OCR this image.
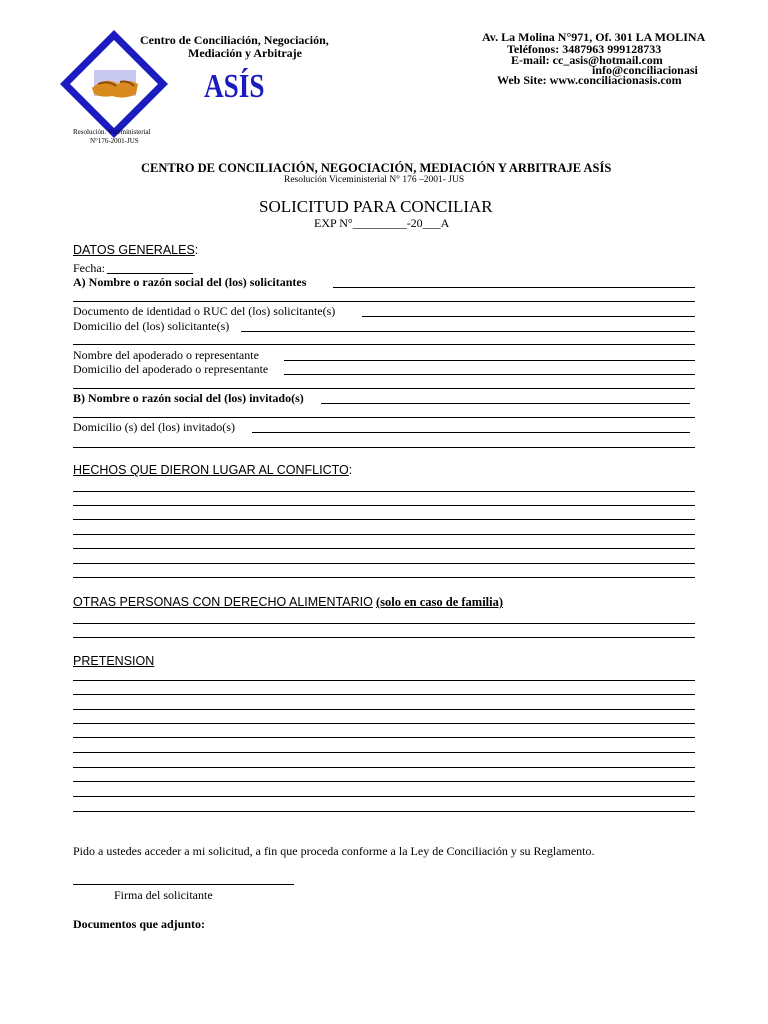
Centro de Conciliación, Negociación,
Mediación y Arbitraje
ASÍS
Resolución. Viceministerial
N°176-2001-JUS
Av. La Molina N°971, Of. 301 LA MOLINA
Teléfonos: 3487963 999128733
E-mail: cc_asis@hotmail.com
info@conciliacionasi
Web Site: www.conciliacionasis.com
CENTRO DE CONCILIACIÓN, NEGOCIACIÓN, MEDIACIÓN Y ARBITRAJE ASÍS
Resolución Viceministerial N° 176 –2001- JUS
SOLICITUD PARA CONCILIAR
EXP N°_________-20___A
DATOS GENERALES:
Fecha:
A) Nombre o razón social del (los) solicitantes
Documento de identidad o RUC del (los) solicitante(s)
Domicilio del (los) solicitante(s)
Nombre del apoderado o representante
Domicilio del apoderado o representante
B) Nombre o razón social del (los) invitado(s)
Domicilio (s) del (los) invitado(s)
HECHOS QUE DIERON LUGAR AL CONFLICTO:
OTRAS PERSONAS CON DERECHO ALIMENTARIO (solo en caso de familia)
PRETENSION
Pido a ustedes acceder a mi solicitud, a fin que proceda conforme a la Ley de Conciliación y su Reglamento.
Firma del solicitante
Documentos que adjunto:
